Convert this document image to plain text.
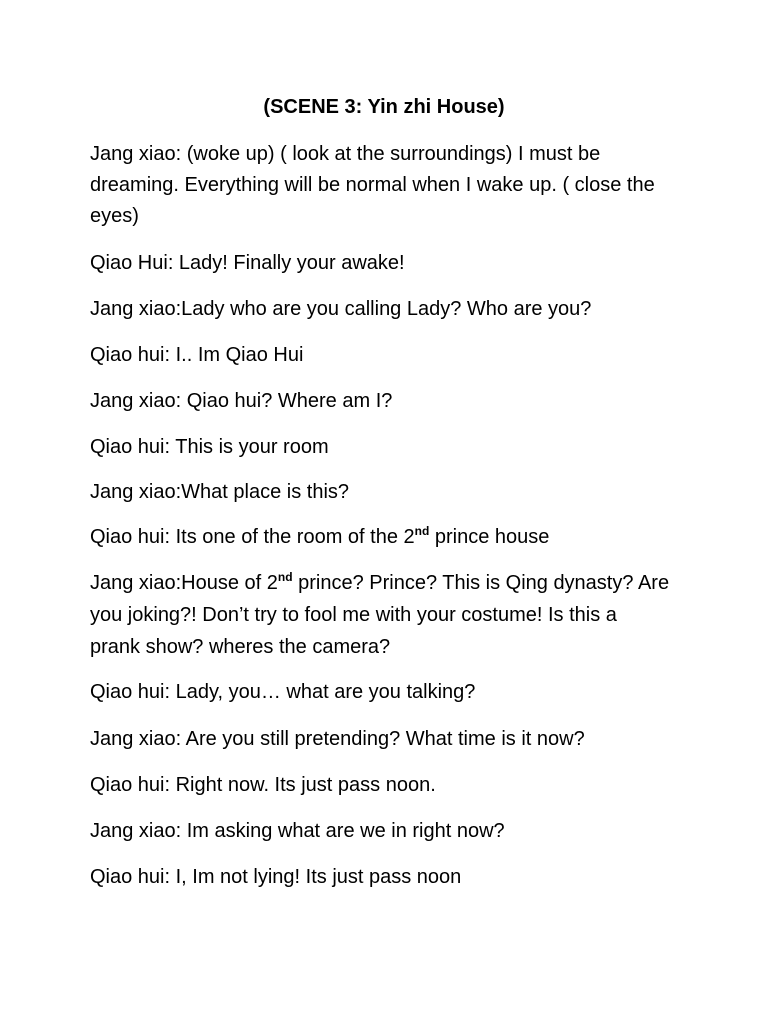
(SCENE 3: Yin zhi House)
Jang xiao: (woke up) ( look at the surroundings) I must be
dreaming. Everything will be normal when I wake up. ( close the
eyes)
Qiao Hui: Lady! Finally your awake!
Jang xiao:Lady who are you calling Lady? Who are you?
Qiao hui: I.. Im Qiao Hui
Jang xiao: Qiao hui? Where am I?
Qiao hui: This is your room
Jang xiao:What place is this?
Qiao hui: Its one of the room of the 2nd prince house
Jang xiao:House of 2nd prince? Prince? This is Qing dynasty? Are
you joking?! Don’t try to fool me with your costume! Is this a
prank show? wheres the camera?
Qiao hui: Lady, you… what are you talking?
Jang xiao: Are you still pretending? What time is it now?
Qiao hui: Right now. Its just pass noon.
Jang xiao: Im asking what are we in right now?
Qiao hui: I, Im not lying! Its just pass noon
